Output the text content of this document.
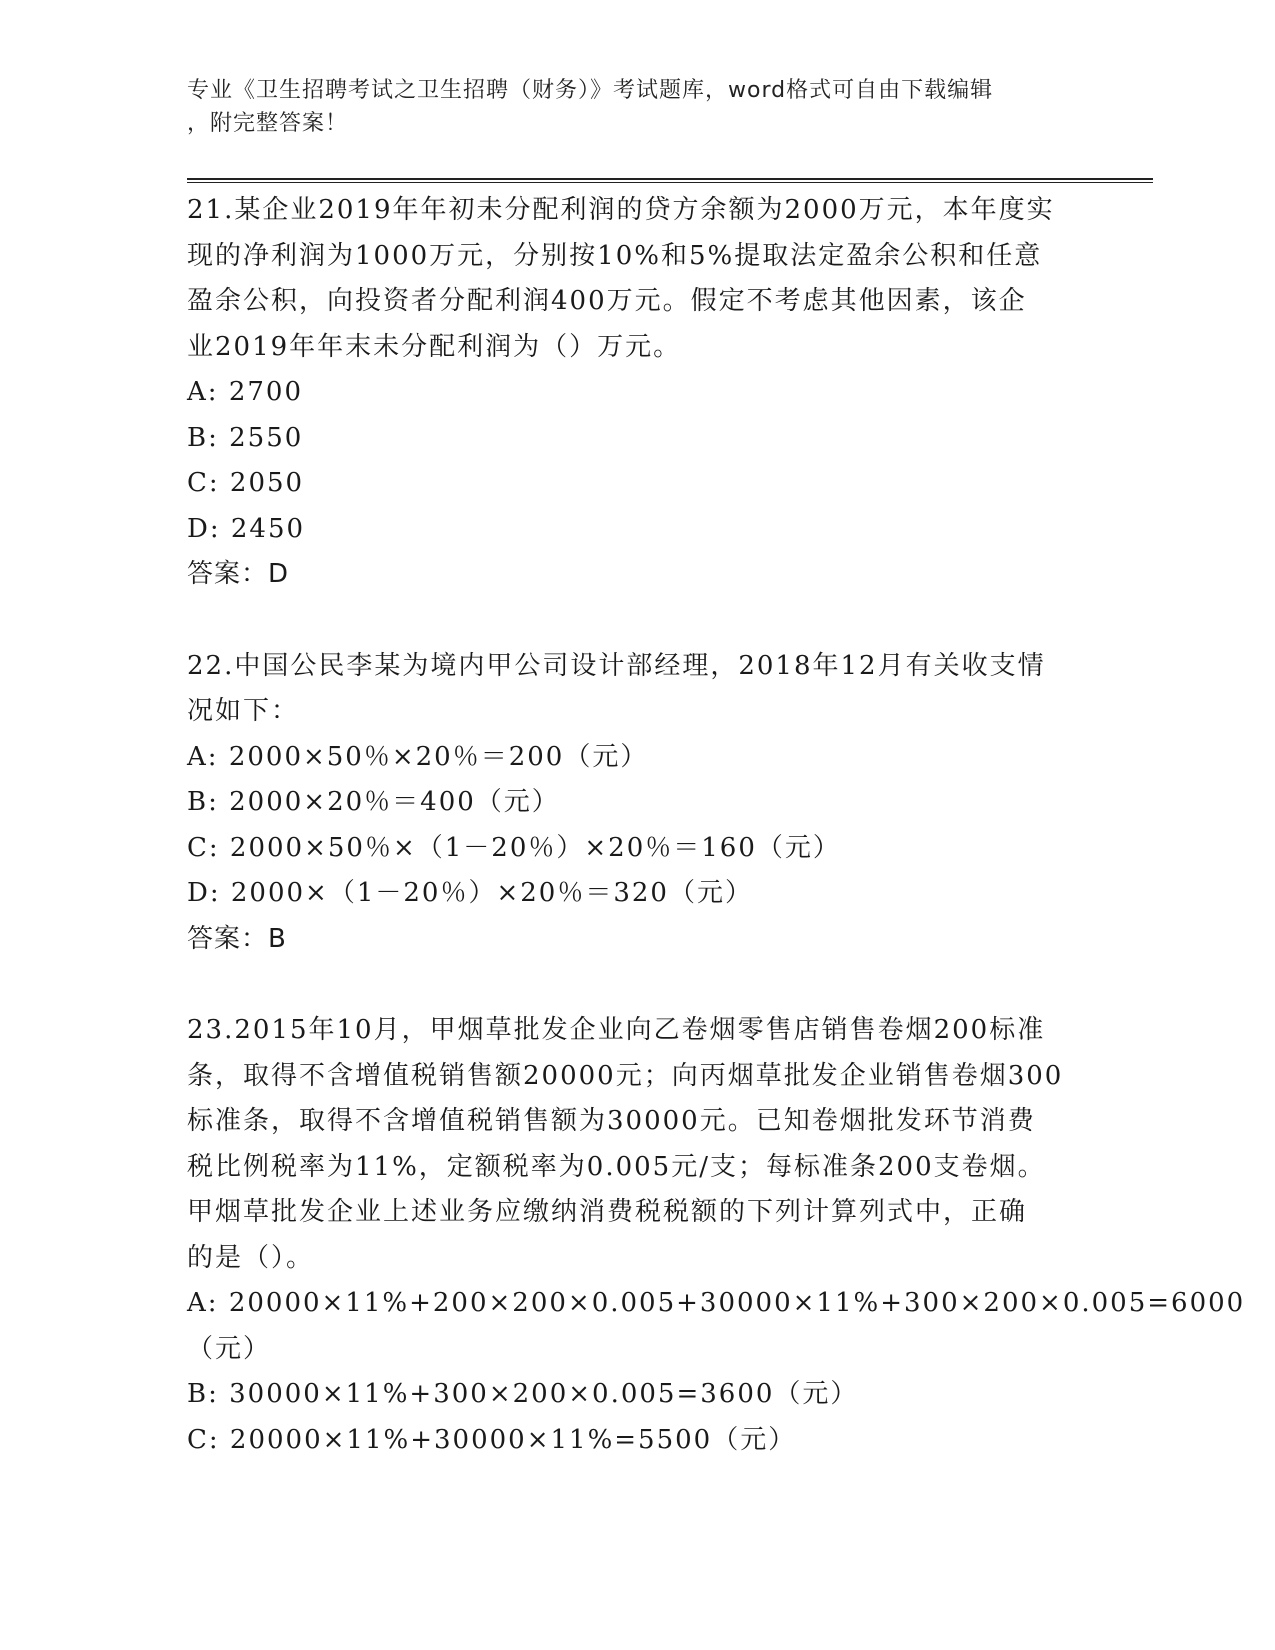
专业《卫生招聘考试之卫生招聘（财务）》考试题库，word格式可自由下载编辑
，附完整答案！
21.某企业2019年年初未分配利润的贷方余额为2000万元，本年度实
现的净利润为1000万元，分别按10%和5%提取法定盈余公积和任意
盈余公积，向投资者分配利润400万元。假定不考虑其他因素，该企
业2019年年末未分配利润为（）万元。
A: 2700
B: 2550
C: 2050
D: 2450
答案：D
22.中国公民李某为境内甲公司设计部经理，2018年12月有关收支情
况如下：
A: 2000×50％×20％＝200（元）
B: 2000×20％＝400（元）
C: 2000×50％×（1－20％）×20％＝160（元）
D: 2000×（1－20％）×20％＝320（元）
答案：B
23.2015年10月，甲烟草批发企业向乙卷烟零售店销售卷烟200标准
条，取得不含增值税销售额20000元；向丙烟草批发企业销售卷烟300
标准条，取得不含增值税销售额为30000元。已知卷烟批发环节消费
税比例税率为11%，定额税率为0.005元/支；每标准条200支卷烟。
甲烟草批发企业上述业务应缴纳消费税税额的下列计算列式中，正确
的是（）。
A: 20000×11%+200×200×0.005+30000×11%+300×200×0.005=6000
（元）
B: 30000×11%+300×200×0.005=3600（元）
C: 20000×11%+30000×11%=5500（元）
